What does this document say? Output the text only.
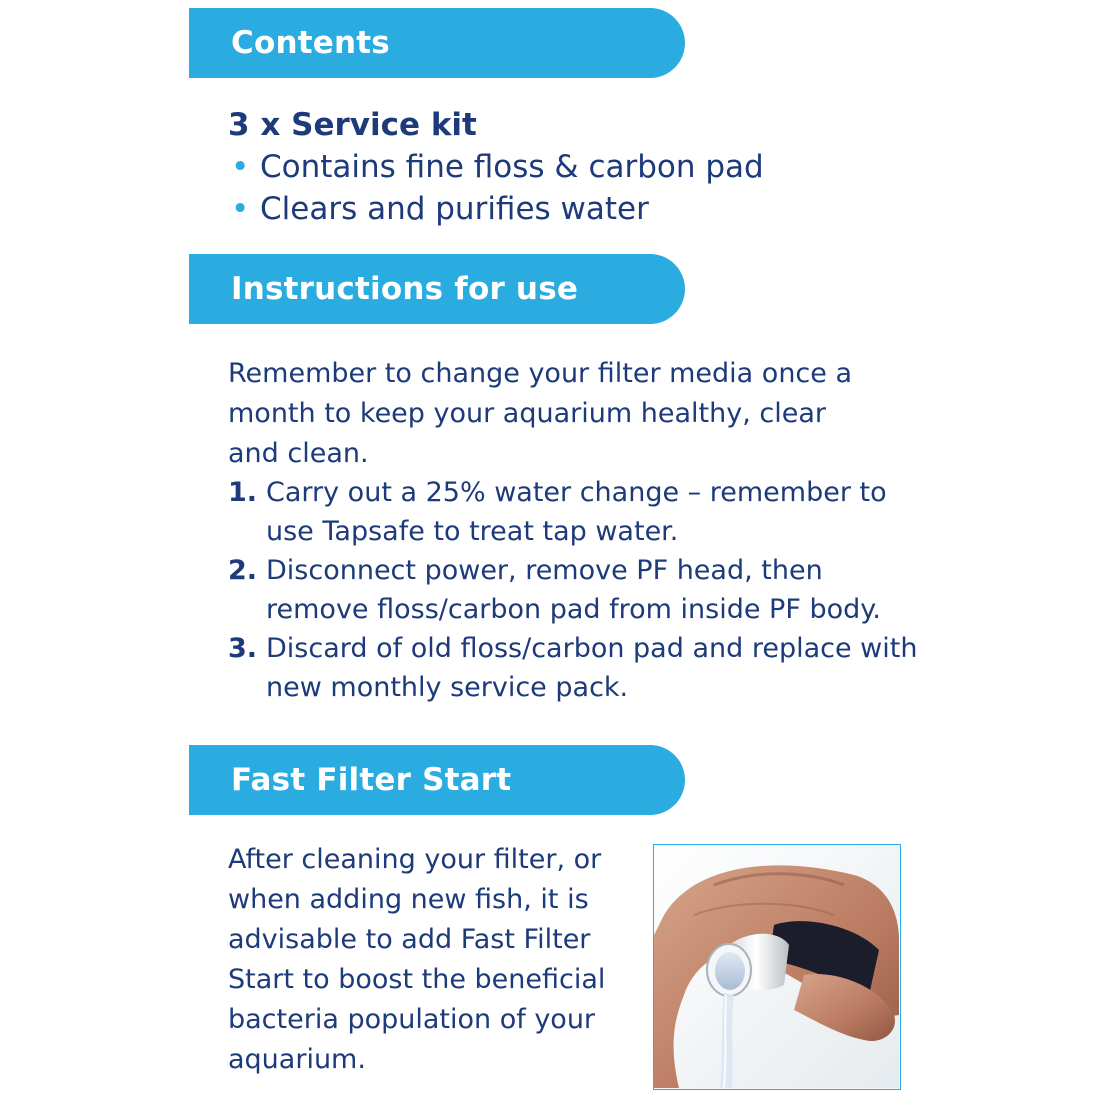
Contents
3 x Service kit
• Contains fine floss & carbon pad
• Clears and purifies water
Instructions for use
Remember to change your filter media once a month to keep your aquarium healthy, clear and clean.
1. Carry out a 25% water change – remember to use Tapsafe to treat tap water.
2. Disconnect power, remove PF head, then remove floss/carbon pad from inside PF body.
3. Discard of old floss/carbon pad and replace with new monthly service pack.
Fast Filter Start
After cleaning your filter, or when adding new fish, it is advisable to add Fast Filter Start to boost the beneficial bacteria population of your aquarium.
